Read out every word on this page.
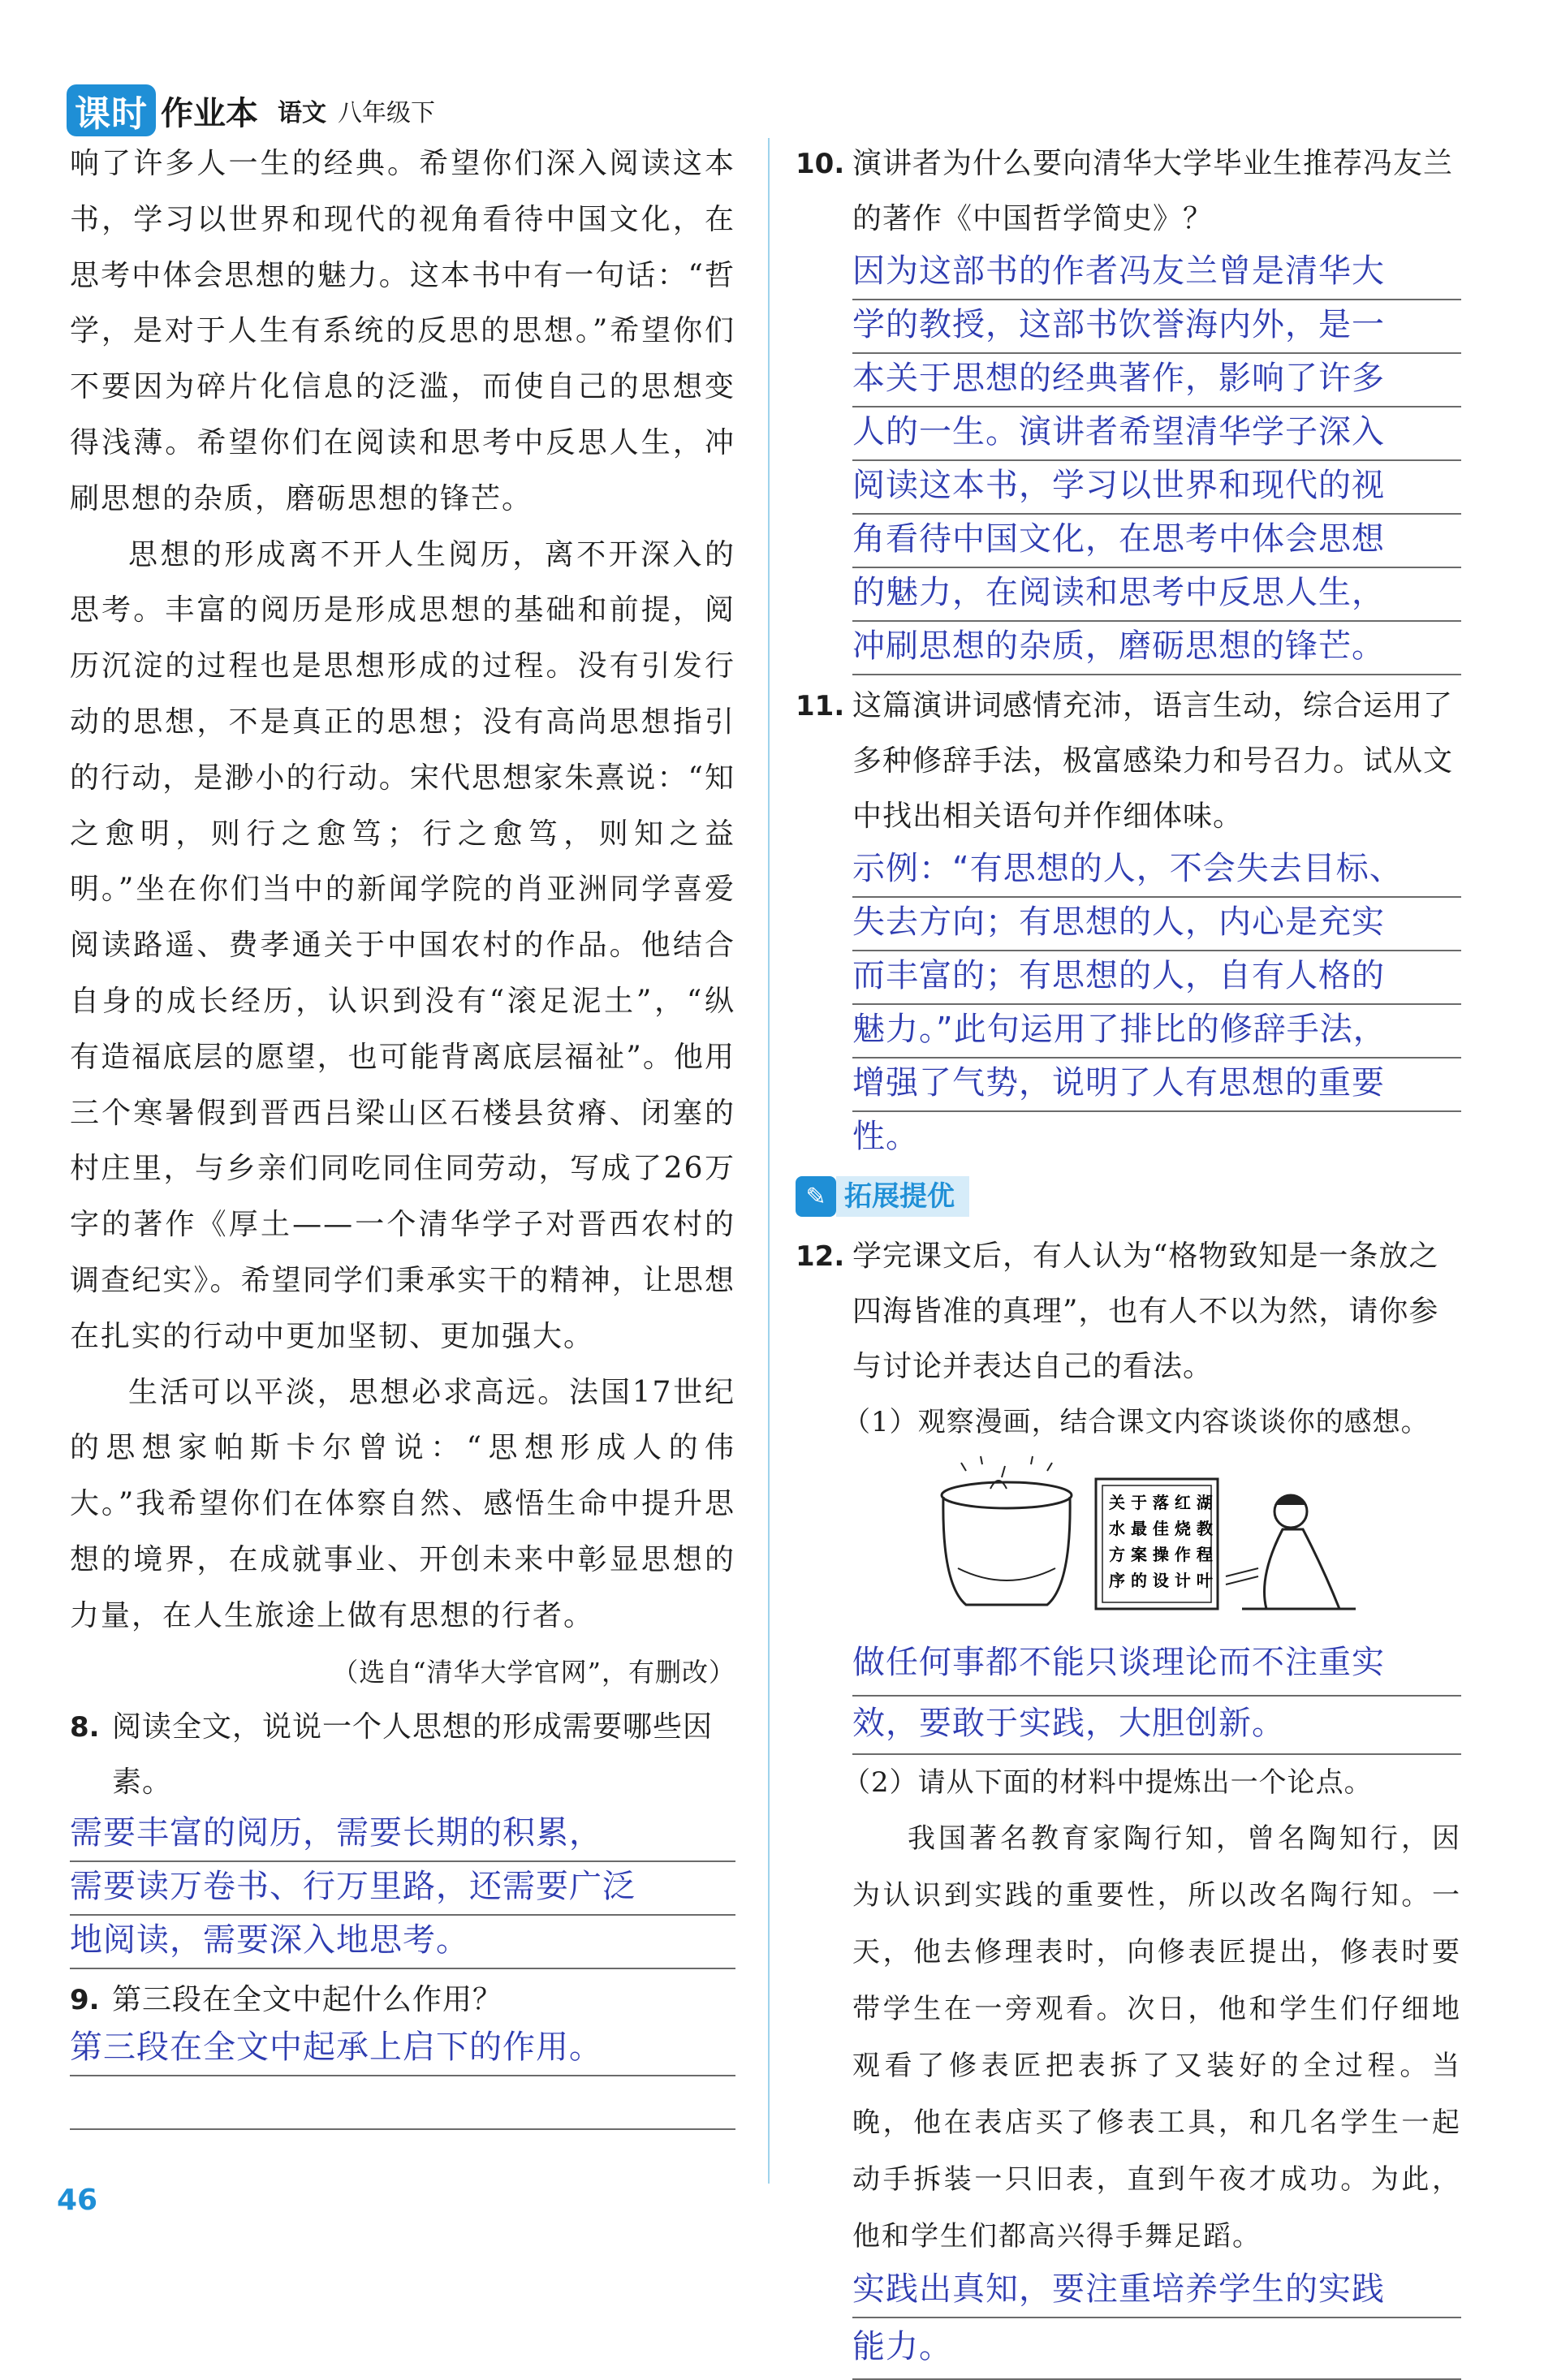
课时 作业本 语文 八年级下

响了许多人一生的经典。希望你们深入阅读这本书，学习以世界和现代的视角看待中国文化，在思考中体会思想的魅力。这本书中有一句话：“哲学，是对于人生有系统的反思的思想。”希望你们不要因为碎片化信息的泛滥，而使自己的思想变得浅薄。希望你们在阅读和思考中反思人生，冲刷思想的杂质，磨砺思想的锋芒。

思想的形成离不开人生阅历，离不开深入的思考。丰富的阅历是形成思想的基础和前提，阅历沉淀的过程也是思想形成的过程。没有引发行动的思想，不是真正的思想；没有高尚思想指引的行动，是渺小的行动。宋代思想家朱熹说：“知之愈明，则行之愈笃；行之愈笃，则知之益明。”坐在你们当中的新闻学院的肖亚洲同学喜爱阅读路遥、费孝通关于中国农村的作品。他结合自身的成长经历，认识到没有“滚足泥土”，“纵有造福底层的愿望，也可能背离底层福祉”。他用三个寒暑假到晋西吕梁山区石楼县贫瘠、闭塞的村庄里，与乡亲们同吃同住同劳动，写成了26万字的著作《厚土——一个清华学子对晋西农村的调查纪实》。希望同学们秉承实干的精神，让思想在扎实的行动中更加坚韧、更加强大。

生活可以平淡，思想必求高远。法国17世纪的思想家帕斯卡尔曾说：“思想形成人的伟大。”我希望你们在体察自然、感悟生命中提升思想的境界，在成就事业、开创未来中彰显思想的力量，在人生旅途上做有思想的行者。

（选自“清华大学官网”，有删改）

8. 阅读全文，说说一个人思想的形成需要哪些因素。
需要丰富的阅历，需要长期的积累，
需要读万卷书、行万里路，还需要广泛
地阅读，需要深入地思考。
9. 第三段在全文中起什么作用？
第三段在全文中起承上启下的作用。

10. 演讲者为什么要向清华大学毕业生推荐冯友兰的著作《中国哲学简史》？
因为这部书的作者冯友兰曾是清华大
学的教授，这部书饮誉海内外，是一
本关于思想的经典著作，影响了许多
人的一生。演讲者希望清华学子深入
阅读这本书，学习以世界和现代的视
角看待中国文化，在思考中体会思想
的魅力，在阅读和思考中反思人生，
冲刷思想的杂质，磨砺思想的锋芒。
11. 这篇演讲词感情充沛，语言生动，综合运用了多种修辞手法，极富感染力和号召力。试从文中找出相关语句并作细体味。
示例：“有思想的人，不会失去目标、
失去方向；有思想的人，内心是充实
而丰富的；有思想的人，自有人格的
魅力。”此句运用了排比的修辞手法，
增强了气势，说明了人有思想的重要
性。
✎ 拓展提优
12. 学完课文后，有人认为“格物致知是一条放之四海皆准的真理”，也有人不以为然，请你参与讨论并表达自己的看法。

（1）观察漫画，结合课文内容谈谈你的感想。

关 于 落 红 湖
水 最 佳 烧 教
方 案 操 作 程
序 的 设 计 叶
做任何事都不能只谈理论而不注重实
效，要敢于实践，大胆创新。

（2）请从下面的材料中提炼出一个论点。

我国著名教育家陶行知，曾名陶知行，因为认识到实践的重要性，所以改名陶行知。一天，他去修理表时，向修表匠提出，修表时要带学生在一旁观看。次日，他和学生们仔细地观看了修表匠把表拆了又装好的全过程。当晚，他在表店买了修表工具，和几名学生一起动手拆装一只旧表，直到午夜才成功。为此，他和学生们都高兴得手舞足蹈。

实践出真知，要注重培养学生的实践
能力。
46
